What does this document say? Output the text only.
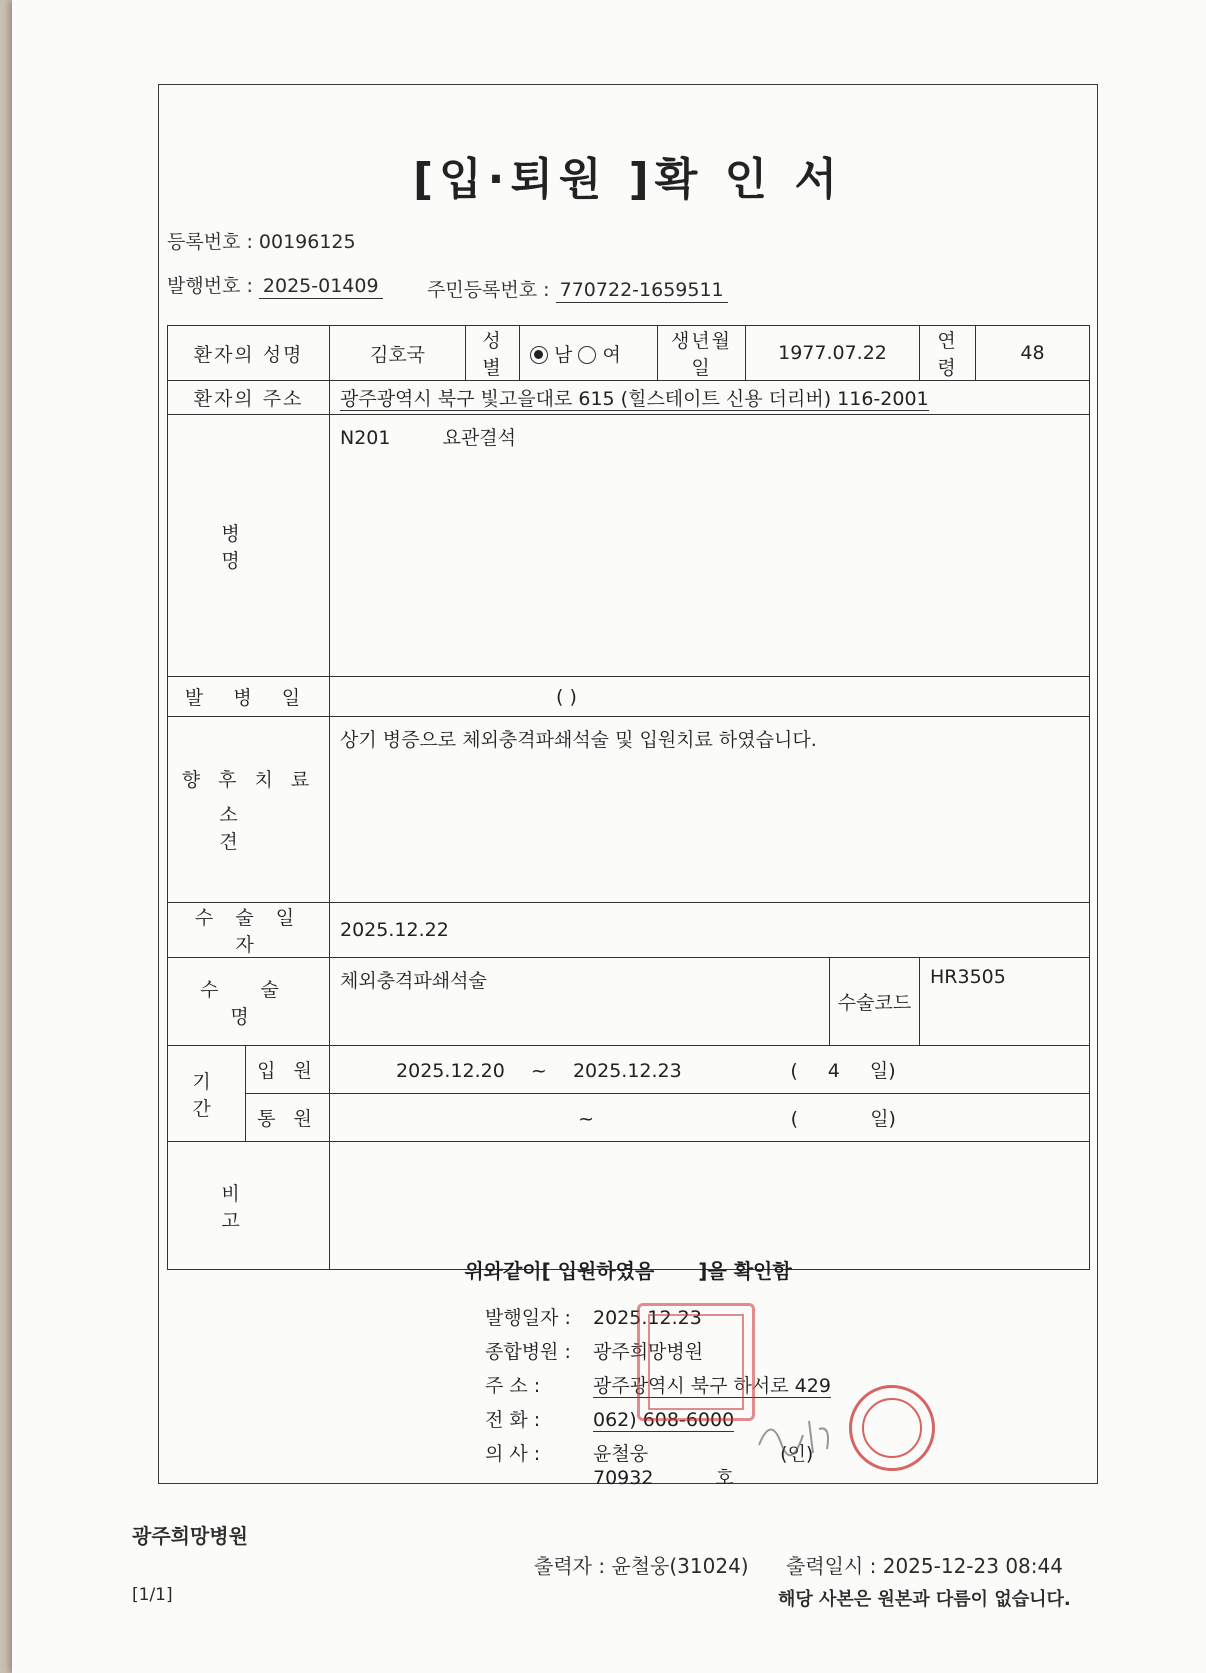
[입·퇴원 ]확 인 서
등록번호 : 00196125
발행번호 : 2025-01409	주민등록번호 : 770722-1659511
환자의 성명		김호국	성별	남 여	생년월일	1977.07.22		연령	48
환자의 주소		광주광역시 북구 빛고을대로 615 (힐스테이트 신용 더리버) 116-2001							
병 명		N201 요관결석							
발 병 일		( )							

향 후 치 료
소 견		상기 병증으로 체외충격파쇄석술 및 입원치료 하였습니다.							
수 술 일 자		2025.12.22							
수 술 명		체외충격파쇄석술					수술코드	HR3505	
기 간	입 원	2025.12.20 ~ 2025.12.23 ( 4 일)							
	통 원	~ ( 일)							
비 고									
위와같이[ 입원하였음 ]을 확인함
발행일자 : 2025.12.23
종합병원 : 광주희망병원
주 소 :	광주광역시 북구 하서로 429
전 화 :	062) 608-6000
의 사 :	윤철웅	(인)
70932	호
광주희망병원
출력자 : 윤철웅(31024) 출력일시 : 2025-12-23 08:44
[1/1]	해당 사본은 원본과 다름이 없습니다.
